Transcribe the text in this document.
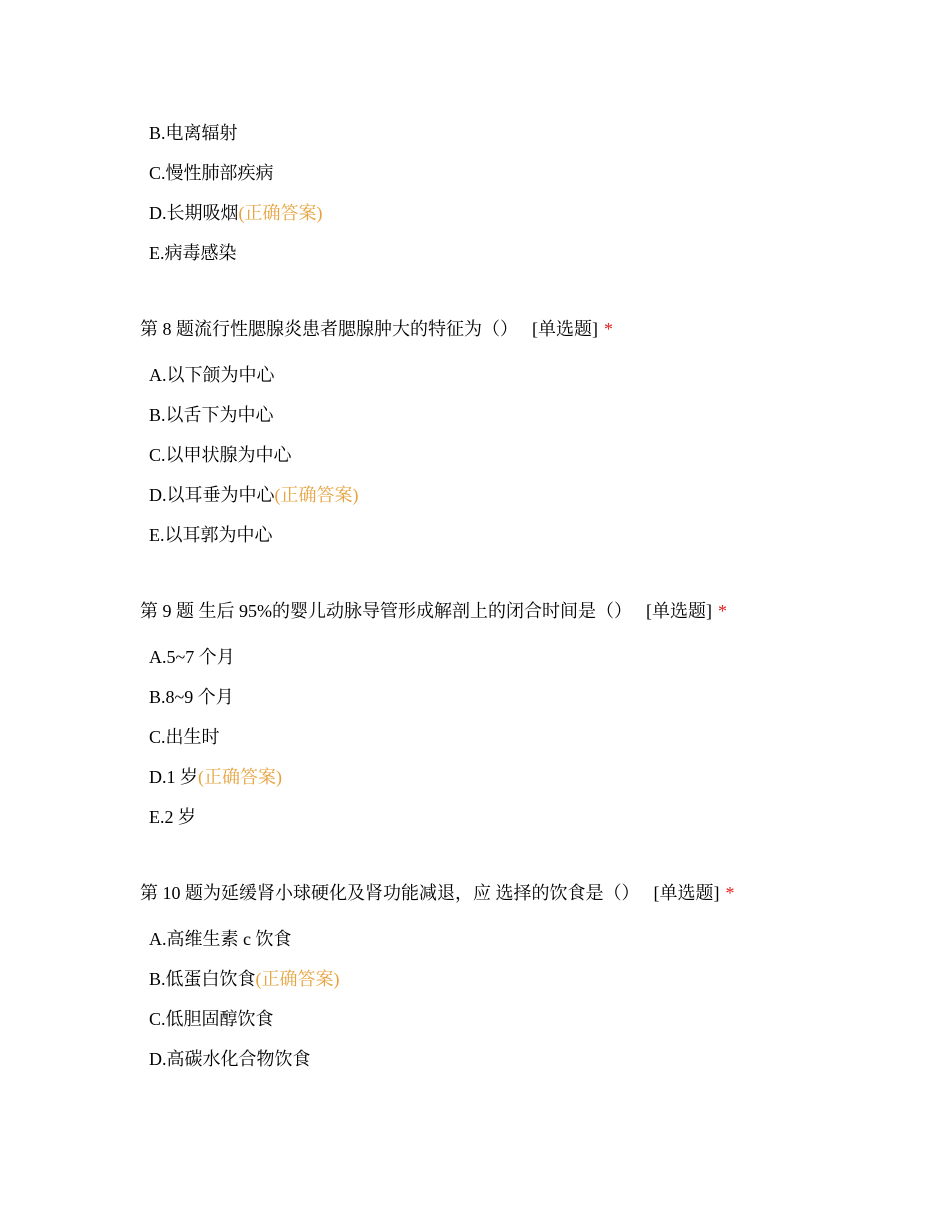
B.电离辐射
C.慢性肺部疾病
D.长期吸烟(正确答案)
E.病毒感染
第 8 题流行性腮腺炎患者腮腺肿大的特征为（） [单选题] *
A.以下颌为中心
B.以舌下为中心
C.以甲状腺为中心
D.以耳垂为中心(正确答案)
E.以耳郭为中心
第 9 题 生后 95%的婴儿动脉导管形成解剖上的闭合时间是（） [单选题] *
A.5~7 个月
B.8~9 个月
C.出生时
D.1 岁(正确答案)
E.2 岁
第 10 题为延缓肾小球硬化及肾功能减退，应 选择的饮食是（） [单选题] *
A.高维生素 c 饮食
B.低蛋白饮食(正确答案)
C.低胆固醇饮食
D.高碳水化合物饮食
